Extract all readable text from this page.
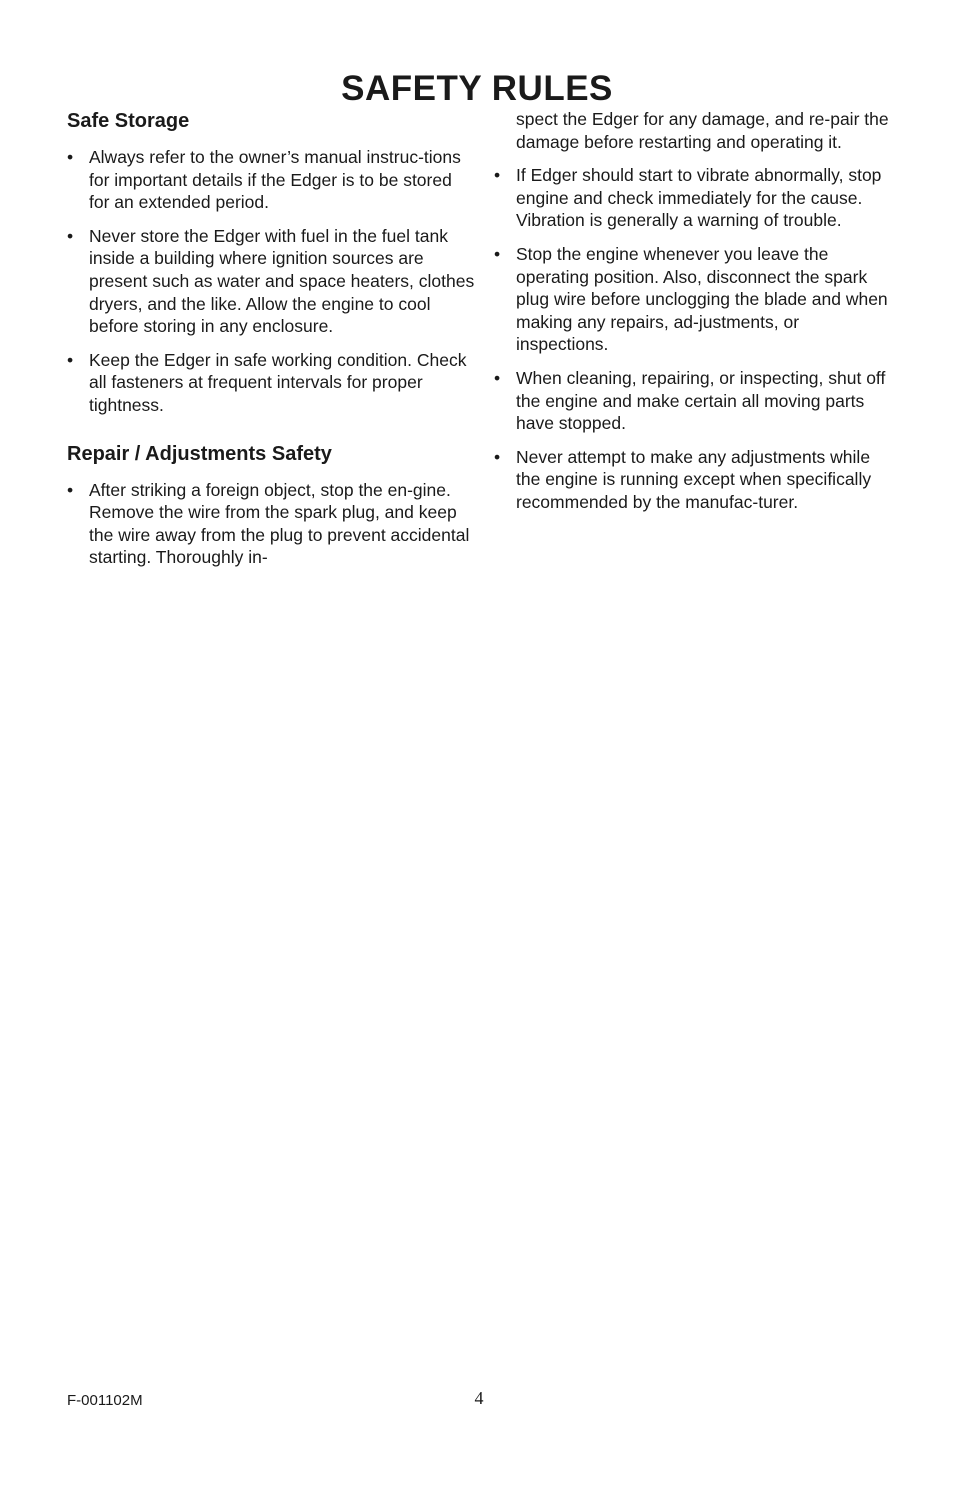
SAFETY RULES
Safe Storage
• Always refer to the owner’s manual instruc-tions for important details if the Edger is to be stored for an extended period.
• Never store the Edger with fuel in the fuel tank inside a building where ignition sources are present such as water and space heaters, clothes dryers, and the like. Allow the engine to cool before storing in any enclosure.
• Keep the Edger in safe working condition. Check all fasteners at frequent intervals for proper tightness.
Repair / Adjustments Safety
• After striking a foreign object, stop the en-gine. Remove the wire from the spark plug, and keep the wire away from the plug to prevent accidental starting. Thoroughly in-
spect the Edger for any damage, and re-pair the damage before restarting and operating it.
• If Edger should start to vibrate abnormally, stop engine and check immediately for the cause. Vibration is generally a warning of trouble.
• Stop the engine whenever you leave the operating position. Also, disconnect the spark plug wire before unclogging the blade and when making any repairs, ad-justments, or inspections.
• When cleaning, repairing, or inspecting, shut off the engine and make certain all moving parts have stopped.
• Never attempt to make any adjustments while the engine is running except when specifically recommended by the manufac-turer.
F-001102M	4
